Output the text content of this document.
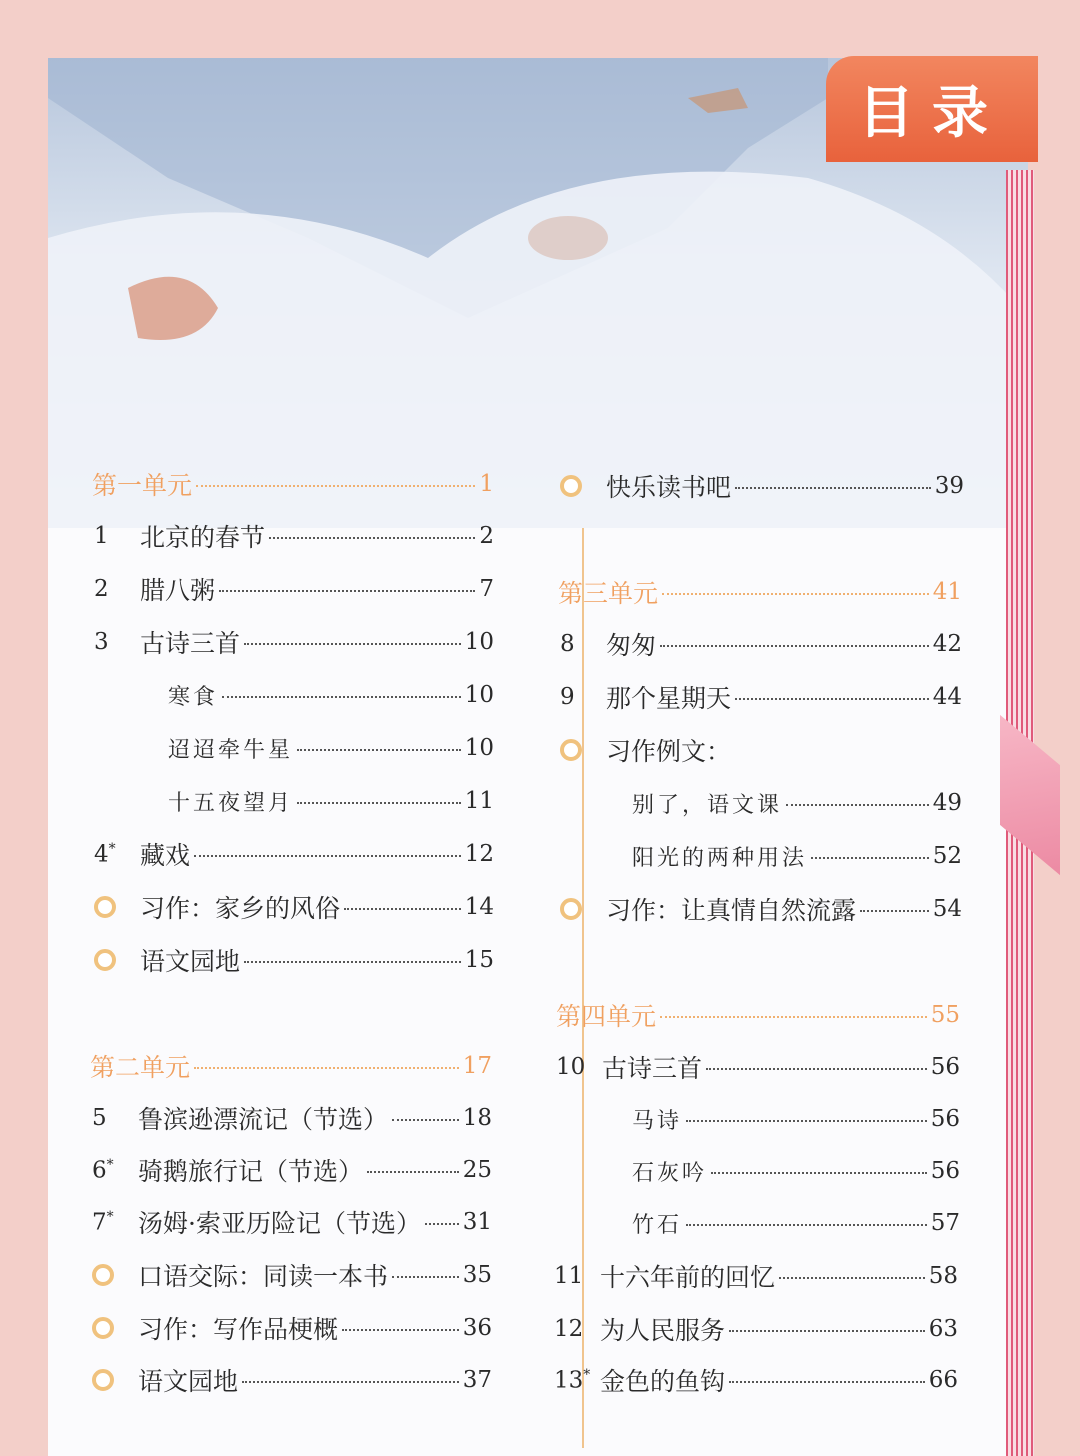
第一单元	1
1	北京的春节	2
2	腊八粥	7
3	古诗三首	10
寒食	10
迢迢牵牛星	10
十五夜望月	11
4* 藏戏	12
习作：家乡的风俗	14
语文园地	15
第二单元	17
5	鲁滨逊漂流记（节选）	18
6* 骑鹅旅行记（节选）	25
7* 汤姆·索亚历险记（节选） 31
口语交际：同读一本书	35
习作：写作品梗概	36
语文园地	37
快乐读书吧	39
第三单元	41
8	匆匆	42
9	那个星期天	44
习作例文：
别了，语文课	49
阳光的两种用法	52
习作：让真情自然流露	54
第四单元	55
10 古诗三首	56
马诗	56
石灰吟	56
竹石	57
11 十六年前的回忆	58
12 为人民服务	63
13* 金色的鱼钩	66
目录
